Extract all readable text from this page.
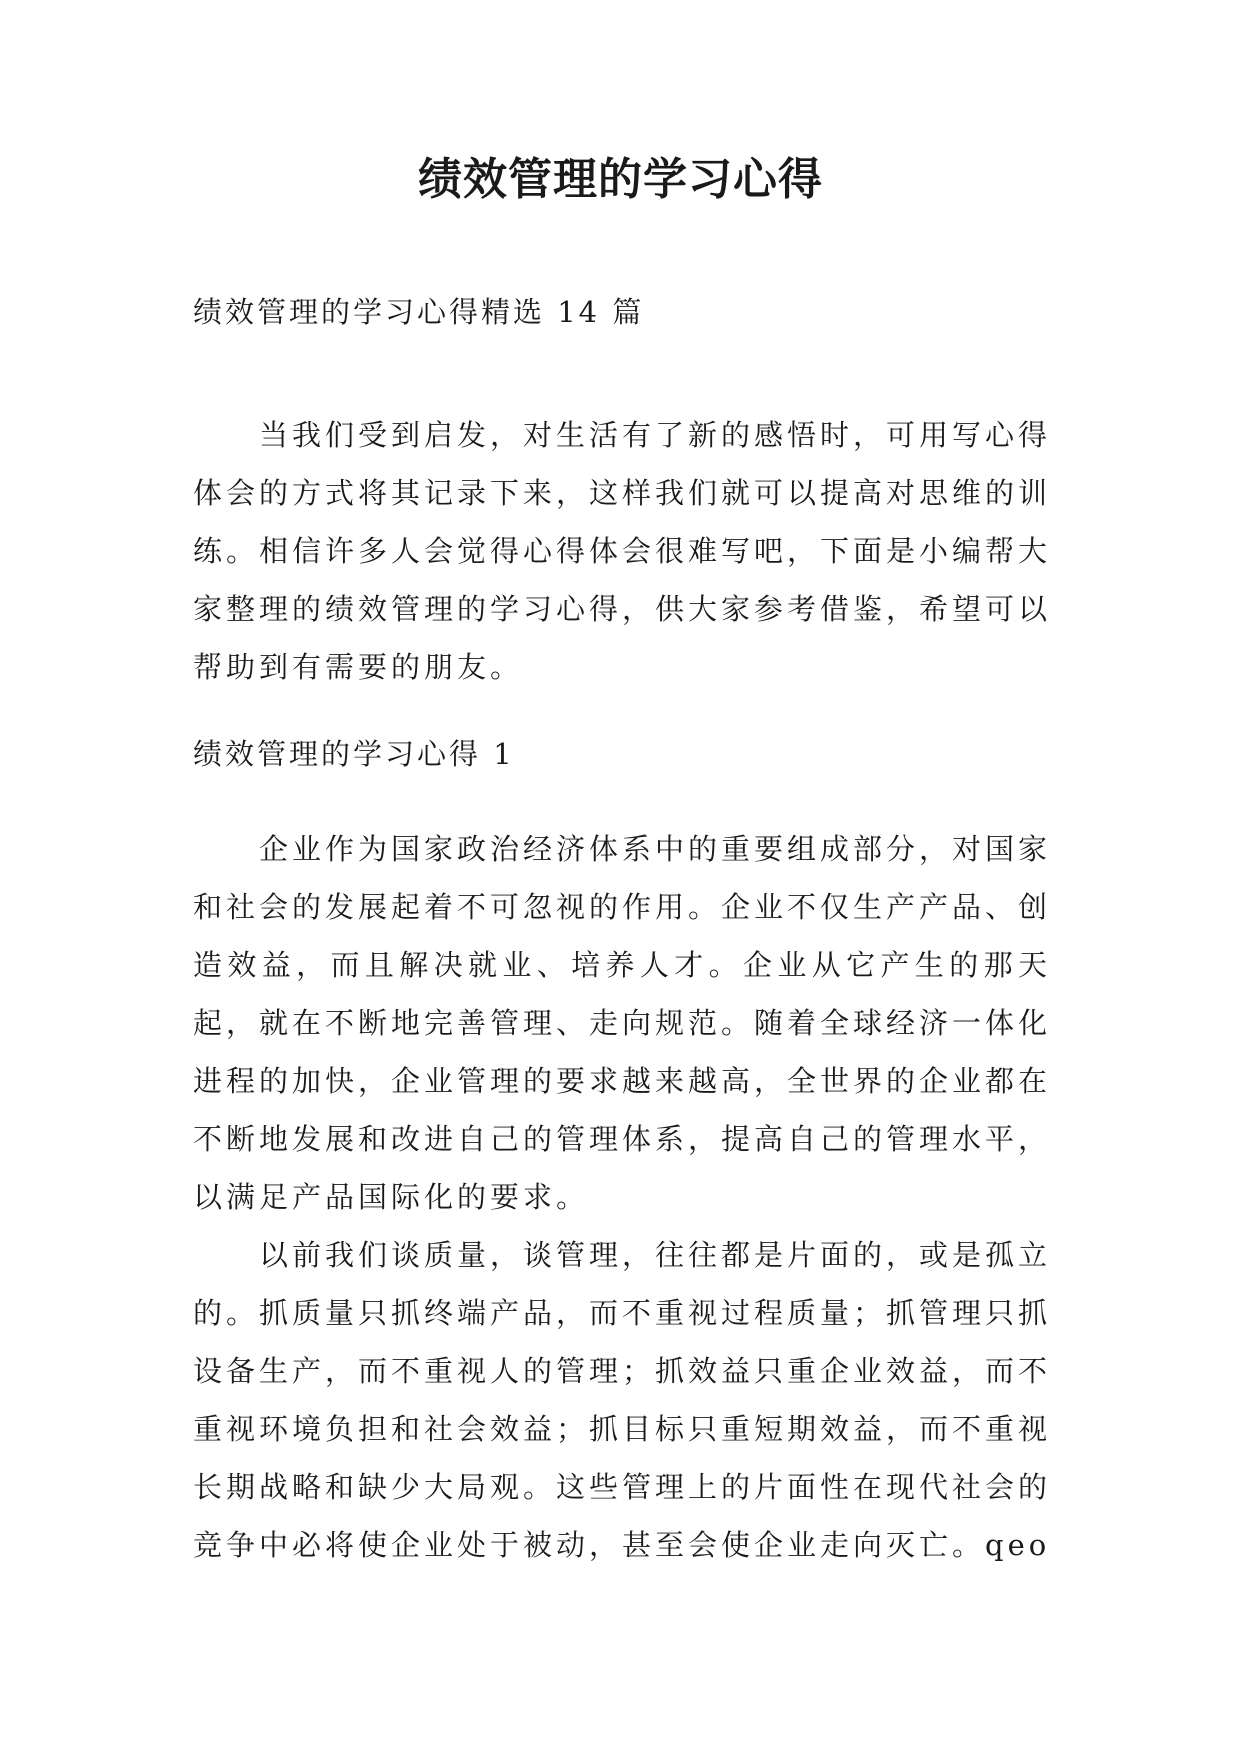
绩效管理的学习心得

绩效管理的学习心得精选 14 篇

当我们受到启发，对生活有了新的感悟时，可用写心得体会的方式将其记录下来，这样我们就可以提高对思维的训练。相信许多人会觉得心得体会很难写吧，下面是小编帮大家整理的绩效管理的学习心得，供大家参考借鉴，希望可以帮助到有需要的朋友。

绩效管理的学习心得 1

企业作为国家政治经济体系中的重要组成部分，对国家和社会的发展起着不可忽视的作用。企业不仅生产产品、创造效益，而且解决就业、培养人才。企业从它产生的那天起，就在不断地完善管理、走向规范。随着全球经济一体化进程的加快，企业管理的要求越来越高，全世界的企业都在不断地发展和改进自己的管理体系，提高自己的管理水平，以满足产品国际化的要求。

以前我们谈质量，谈管理，往往都是片面的，或是孤立的。抓质量只抓终端产品，而不重视过程质量；抓管理只抓设备生产，而不重视人的管理；抓效益只重企业效益，而不重视环境负担和社会效益；抓目标只重短期效益，而不重视长期战略和缺少大局观。这些管理上的片面性在现代社会的竞争中必将使企业处于被动，甚至会使企业走向灭亡。qeo
